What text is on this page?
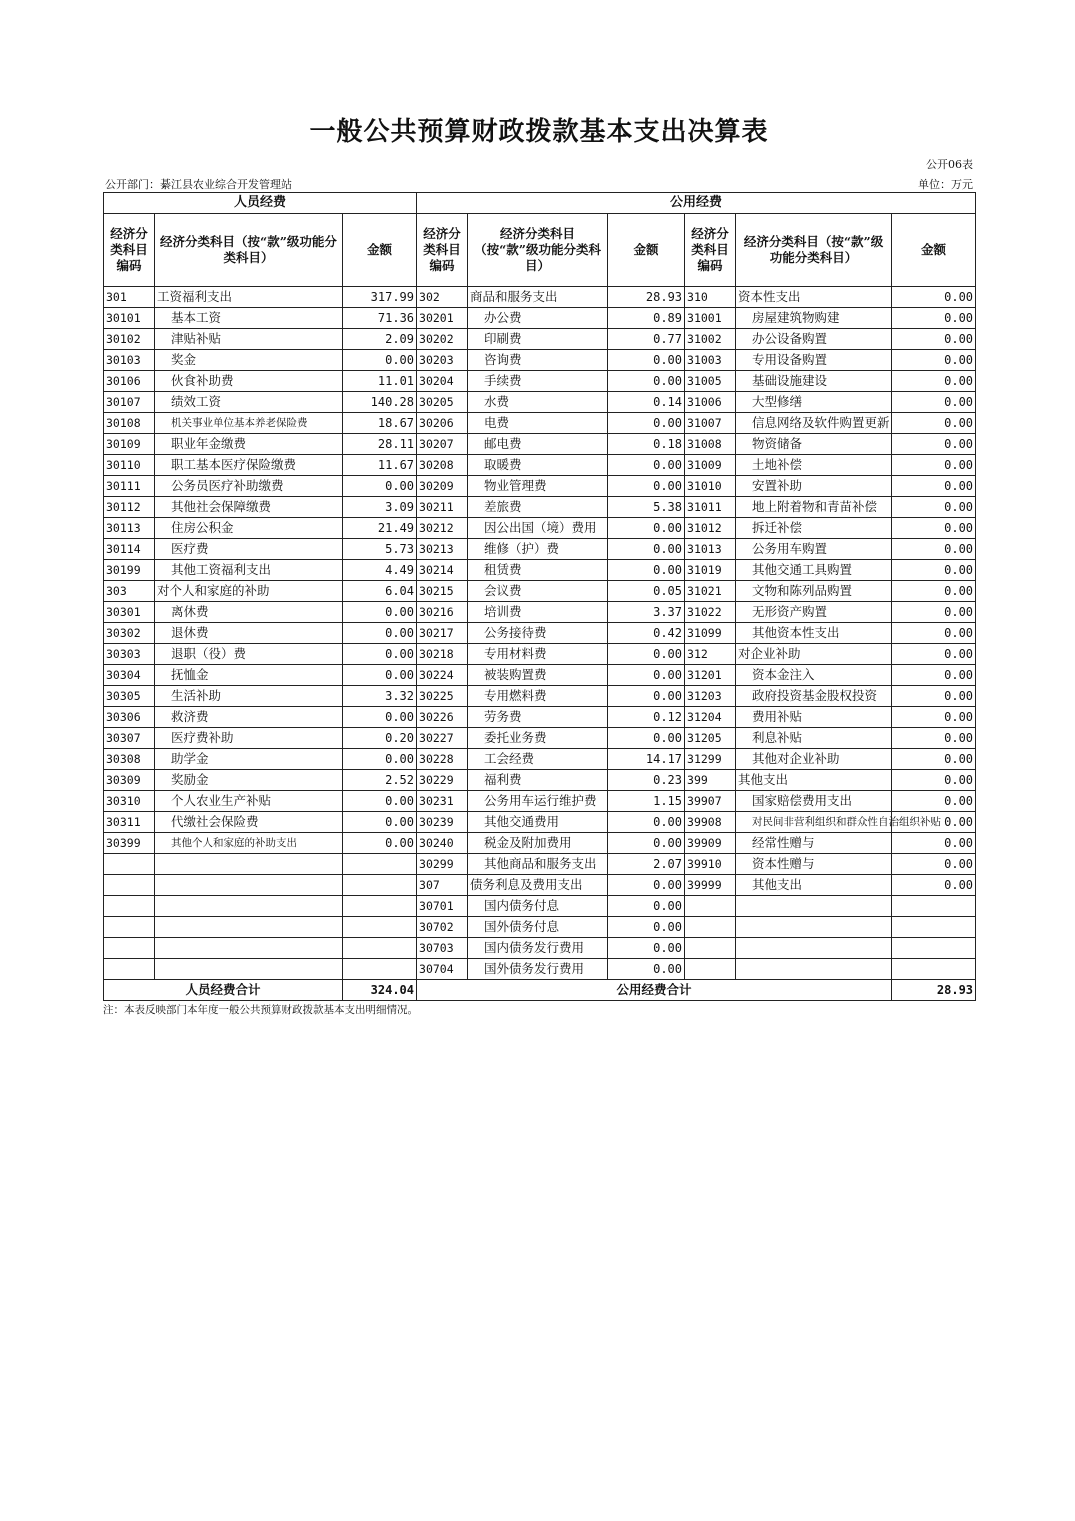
一般公共预算财政拨款基本支出决算表
公开06表
公开部门：綦江县农业综合开发管理站	单位：万元
人员经费			公用经费					
经济分类科目编码	经济分类科目（按“款”级功能分类科目）	金额	经济分类科目编码	经济分类科目（按“款”级功能分类科目）	金额	经济分类科目编码	经济分类科目（按“款”级功能分类科目）	金额
301	工资福利支出	317.99	302	商品和服务支出	28.93	310	资本性支出	0.00
30101	基本工资	71.36	30201	办公费	0.89	31001	房屋建筑物购建	0.00
30102	津贴补贴	2.09	30202	印刷费	0.77	31002	办公设备购置	0.00
30103	奖金	0.00	30203	咨询费	0.00	31003	专用设备购置	0.00
30106	伙食补助费	11.01	30204	手续费	0.00	31005	基础设施建设	0.00
30107	绩效工资	140.28	30205	水费	0.14	31006	大型修缮	0.00
30108	机关事业单位基本养老保险费	18.67	30206	电费	0.00	31007	信息网络及软件购置更新	0.00
30109	职业年金缴费	28.11	30207	邮电费	0.18	31008	物资储备	0.00
30110	职工基本医疗保险缴费	11.67	30208	取暖费	0.00	31009	土地补偿	0.00
30111	公务员医疗补助缴费	0.00	30209	物业管理费	0.00	31010	安置补助	0.00
30112	其他社会保障缴费	3.09	30211	差旅费	5.38	31011	地上附着物和青苗补偿	0.00
30113	住房公积金	21.49	30212	因公出国（境）费用	0.00	31012	拆迁补偿	0.00
30114	医疗费	5.73	30213	维修（护）费	0.00	31013	公务用车购置	0.00
30199	其他工资福利支出	4.49	30214	租赁费	0.00	31019	其他交通工具购置	0.00
303	对个人和家庭的补助	6.04	30215	会议费	0.05	31021	文物和陈列品购置	0.00
30301	离休费	0.00	30216	培训费	3.37	31022	无形资产购置	0.00
30302	退休费	0.00	30217	公务接待费	0.42	31099	其他资本性支出	0.00
30303	退职（役）费	0.00	30218	专用材料费	0.00	312	对企业补助	0.00
30304	抚恤金	0.00	30224	被装购置费	0.00	31201	资本金注入	0.00
30305	生活补助	3.32	30225	专用燃料费	0.00	31203	政府投资基金股权投资	0.00
30306	救济费	0.00	30226	劳务费	0.12	31204	费用补贴	0.00
30307	医疗费补助	0.20	30227	委托业务费	0.00	31205	利息补贴	0.00
30308	助学金	0.00	30228	工会经费	14.17	31299	其他对企业补助	0.00
30309	奖励金	2.52	30229	福利费	0.23	399	其他支出	0.00
30310	个人农业生产补贴	0.00	30231	公务用车运行维护费	1.15	39907	国家赔偿费用支出	0.00
30311	代缴社会保险费	0.00	30239	其他交通费用	0.00	39908	对民间非营利组织和群众性自治组织补贴	0.00
30399	其他个人和家庭的补助支出	0.00	30240	税金及附加费用	0.00	39909	经常性赠与	0.00
			30299	其他商品和服务支出	2.07	39910	资本性赠与	0.00
			307	债务利息及费用支出	0.00	39999	其他支出	0.00
			30701	国内债务付息	0.00			
			30702	国外债务付息	0.00			
			30703	国内债务发行费用	0.00			
			30704	国外债务发行费用	0.00			
人员经费合计		324.04	公用经费合计					28.93
注：本表反映部门本年度一般公共预算财政拨款基本支出明细情况。
